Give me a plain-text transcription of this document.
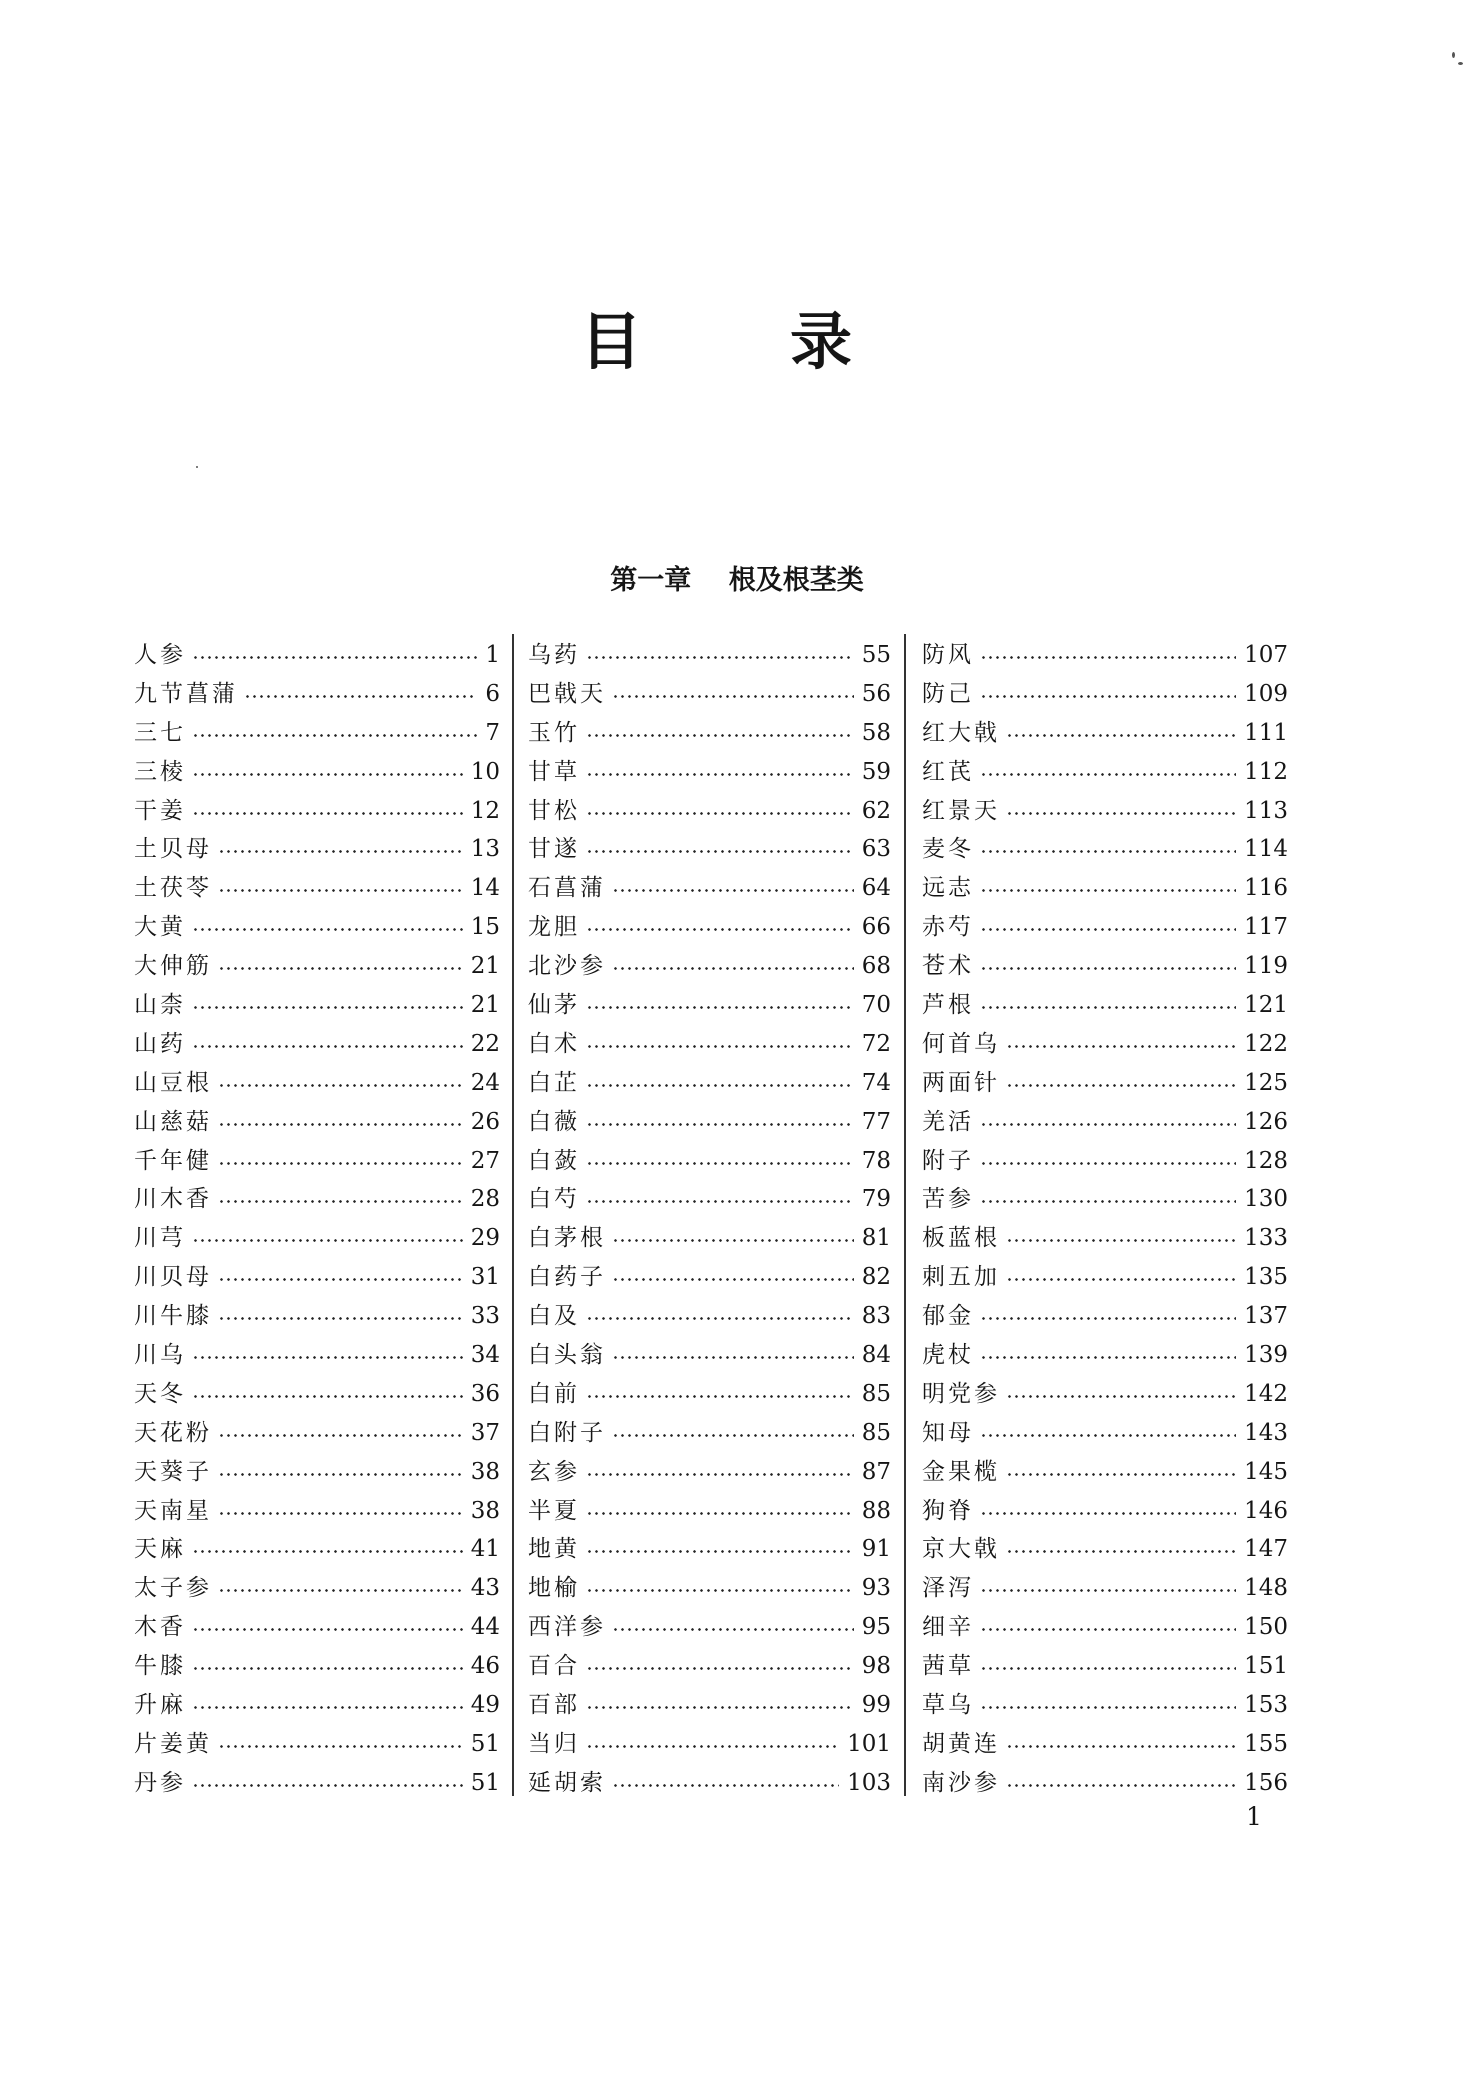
目 录
第一章 根及根茎类
人参	1
九节菖蒲	6
三七	7
三棱	10
干姜	12
土贝母	13
土茯苓	14
大黄	15
大伸筋	21
山柰	21
山药	22
山豆根	24
山慈菇	26
千年健	27
川木香	28
川芎	29
川贝母	31
川牛膝	33
川乌	34
天冬	36
天花粉	37
天葵子	38
天南星	38
天麻	41
太子参	43
木香	44
牛膝	46
升麻	49
片姜黄	51
丹参	51
乌药	55
巴戟天	56
玉竹	58
甘草	59
甘松	62
甘遂	63
石菖蒲	64
龙胆	66
北沙参	68
仙茅	70
白术	72
白芷	74
白薇	77
白蔹	78
白芍	79
白茅根	81
白药子	82
白及	83
白头翁	84
白前	85
白附子	85
玄参	87
半夏	88
地黄	91
地榆	93
西洋参	95
百合	98
百部	99
当归	101
延胡索	103
防风	107
防己	109
红大戟	111
红芪	112
红景天	113
麦冬	114
远志	116
赤芍	117
苍术	119
芦根	121
何首乌	122
两面针	125
羌活	126
附子	128
苦参	130
板蓝根	133
刺五加	135
郁金	137
虎杖	139
明党参	142
知母	143
金果榄	145
狗脊	146
京大戟	147
泽泻	148
细辛	150
茜草	151
草乌	153
胡黄连	155
南沙参	156
1
